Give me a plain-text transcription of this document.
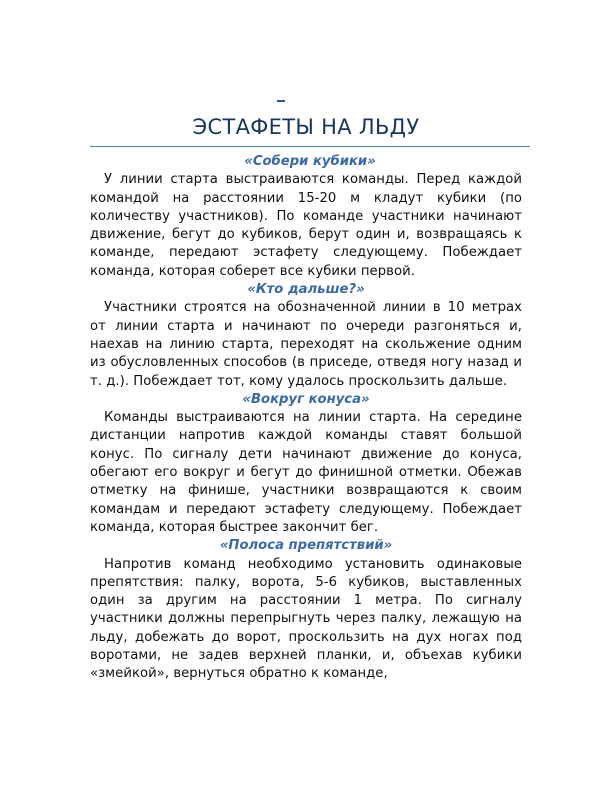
ЭСТАФЕТЫ НА ЛЬДУ
«Собери кубики»

У линии старта выстраиваются команды. Перед каждой командой на расстоянии 15-20 м кладут кубики (по количеству участников). По команде участники начинают движение, бегут до кубиков, берут один и, возвращаясь к команде, передают эстафету следующему. Побеждает команда, которая соберет все кубики первой.

«Кто дальше?»

Участники строятся на обозначенной линии в 10 метрах от линии старта и начинают по очереди разгоняться и, наехав на линию старта, переходят на скольжение одним из обусловленных способов (в приседе, отведя ногу назад и т. д.). Побеждает тот, кому удалось проскользить дальше.

«Вокруг конуса»

Команды выстраиваются на линии старта. На середине дистанции напротив каждой команды ставят большой конус. По сигналу дети начинают движение до конуса, обегают его вокруг и бегут до финишной отметки. Обежав отметку на финише, участники возвращаются к своим командам и передают эстафету следующему. Побеждает команда, которая быстрее закончит бег.

«Полоса препятствий»

Напротив команд необходимо установить одинаковые препятствия: палку, ворота, 5-6 кубиков, выставленных один за другим на расстоянии 1 метра. По сигналу участники должны перепрыгнуть через палку, лежащую на льду, добежать до ворот, проскользить на дух ногах под воротами, не задев верхней планки, и, объехав кубики «змейкой», вернуться обратно к команде,
